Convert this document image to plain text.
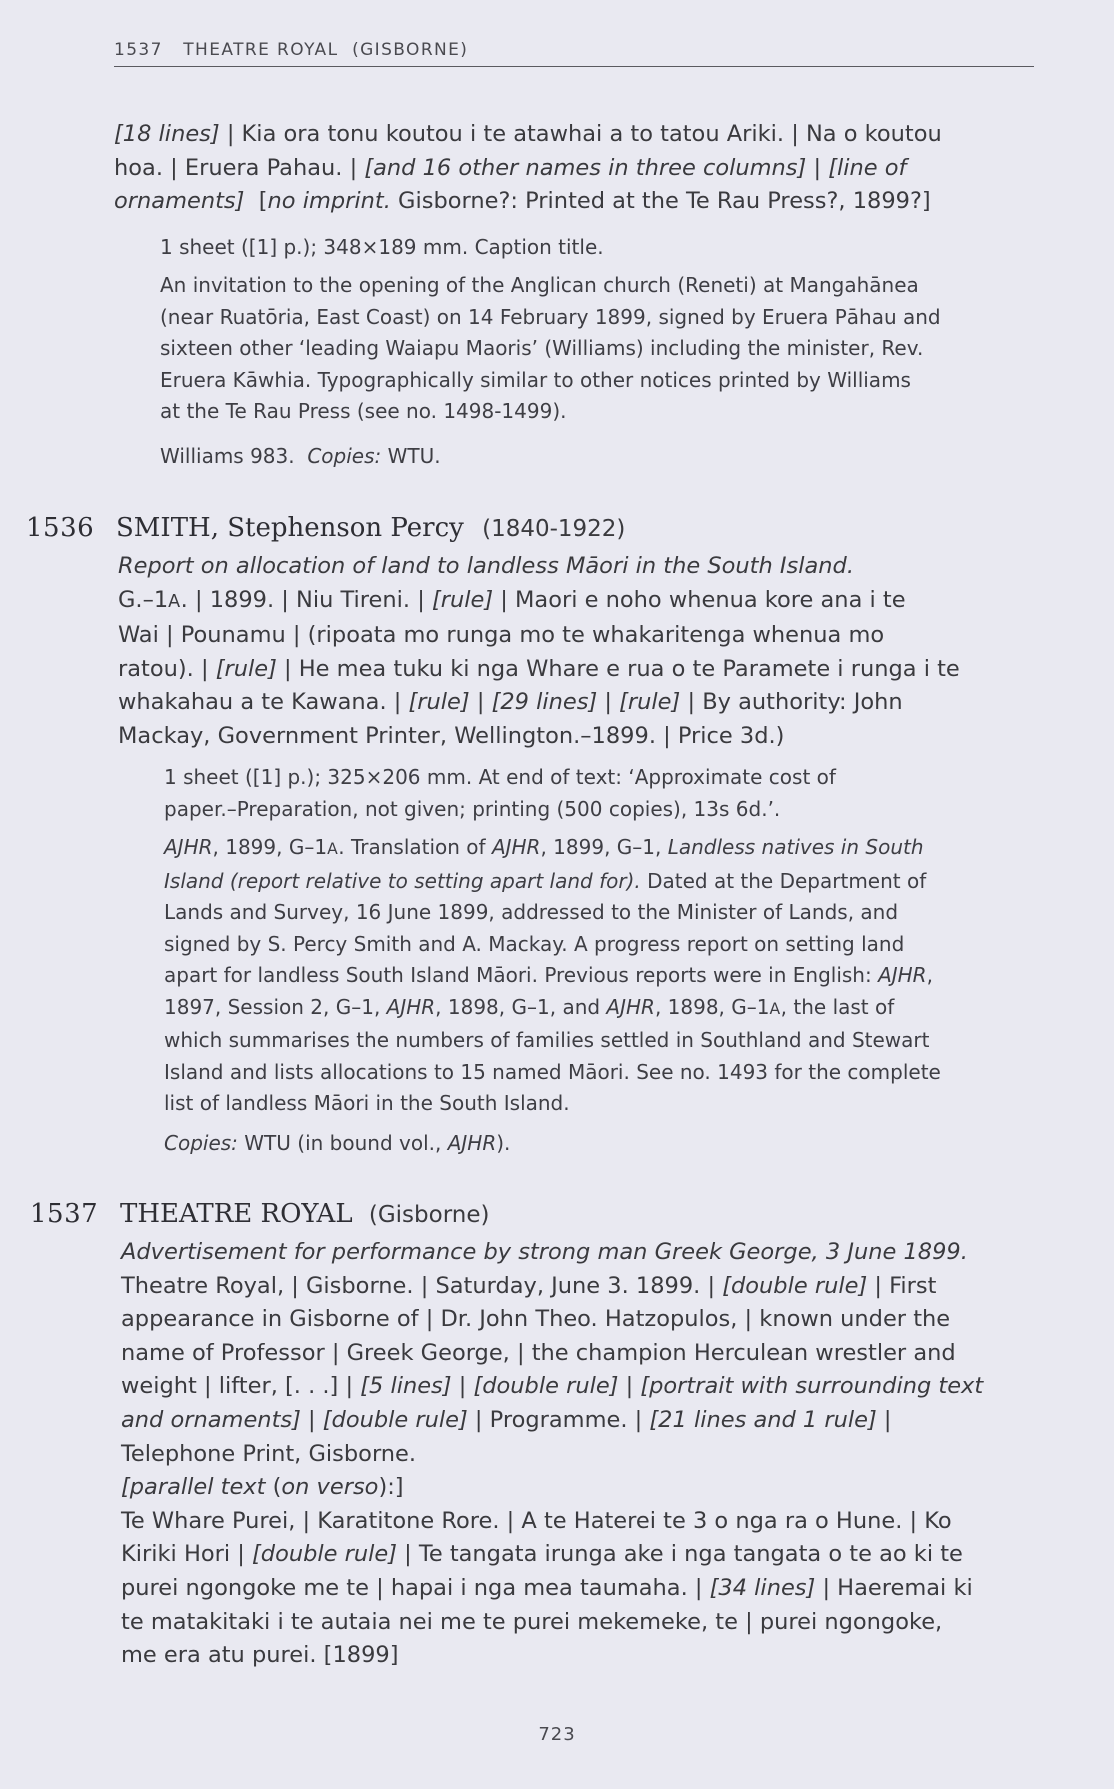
1537   THEATRE ROYAL  (GISBORNE)

[18 lines] | Kia ora tonu koutou i te atawhai a to tatou Ariki. | Na o koutou

hoa. | Eruera Pahau. | [and 16 other names in three columns] | [line of

ornaments]  [no imprint. Gisborne?: Printed at the Te Rau Press?, 1899?]

1 sheet ([1] p.); 348×189 mm. Caption title.

An invitation to the opening of the Anglican church (Reneti) at Mangahānea

(near Ruatōria, East Coast) on 14 February 1899, signed by Eruera Pāhau and

sixteen other ‘leading Waiapu Maoris’ (Williams) including the minister, Rev.

Eruera Kāwhia. Typographically similar to other notices printed by Williams

at the Te Rau Press (see no. 1498-1499).

Williams 983.  Copies: WTU.

1536 SMITH, Stephenson Percy (1840-1922)

Report on allocation of land to landless Māori in the South Island.

G.–1A. | 1899. | Niu Tireni. | [rule] | Maori e noho whenua kore ana i te

Wai | Pounamu | (ripoata mo runga mo te whakaritenga whenua mo

ratou). | [rule] | He mea tuku ki nga Whare e rua o te Paramete i runga i te

whakahau a te Kawana. | [rule] | [29 lines] | [rule] | By authority: John

Mackay, Government Printer, Wellington.–1899. | Price 3d.)

1 sheet ([1] p.); 325×206 mm. At end of text: ‘Approximate cost of

paper.–Preparation, not given; printing (500 copies), 13s 6d.’.

AJHR, 1899, G–1A. Translation of AJHR, 1899, G–1, Landless natives in South

Island (report relative to setting apart land for). Dated at the Department of

Lands and Survey, 16 June 1899, addressed to the Minister of Lands, and

signed by S. Percy Smith and A. Mackay. A progress report on setting land

apart for landless South Island Māori. Previous reports were in English: AJHR,

1897, Session 2, G–1, AJHR, 1898, G–1, and AJHR, 1898, G–1A, the last of

which summarises the numbers of families settled in Southland and Stewart

Island and lists allocations to 15 named Māori. See no. 1493 for the complete

list of landless Māori in the South Island.

Copies: WTU (in bound vol., AJHR).

1537 THEATRE ROYAL (Gisborne)

Advertisement for performance by strong man Greek George, 3 June 1899.

Theatre Royal, | Gisborne. | Saturday, June 3. 1899. | [double rule] | First

appearance in Gisborne of | Dr. John Theo. Hatzopulos, | known under the

name of Professor | Greek George, | the champion Herculean wrestler and

weight | lifter, [. . .] | [5 lines] | [double rule] | [portrait with surrounding text

and ornaments] | [double rule] | Programme. | [21 lines and 1 rule] |

Telephone Print, Gisborne.

[parallel text (on verso):]

Te Whare Purei, | Karatitone Rore. | A te Haterei te 3 o nga ra o Hune. | Ko

Kiriki Hori | [double rule] | Te tangata irunga ake i nga tangata o te ao ki te

purei ngongoke me te | hapai i nga mea taumaha. | [34 lines] | Haeremai ki

te matakitaki i te autaia nei me te purei mekemeke, te | purei ngongoke,

me era atu purei. [1899]

723
